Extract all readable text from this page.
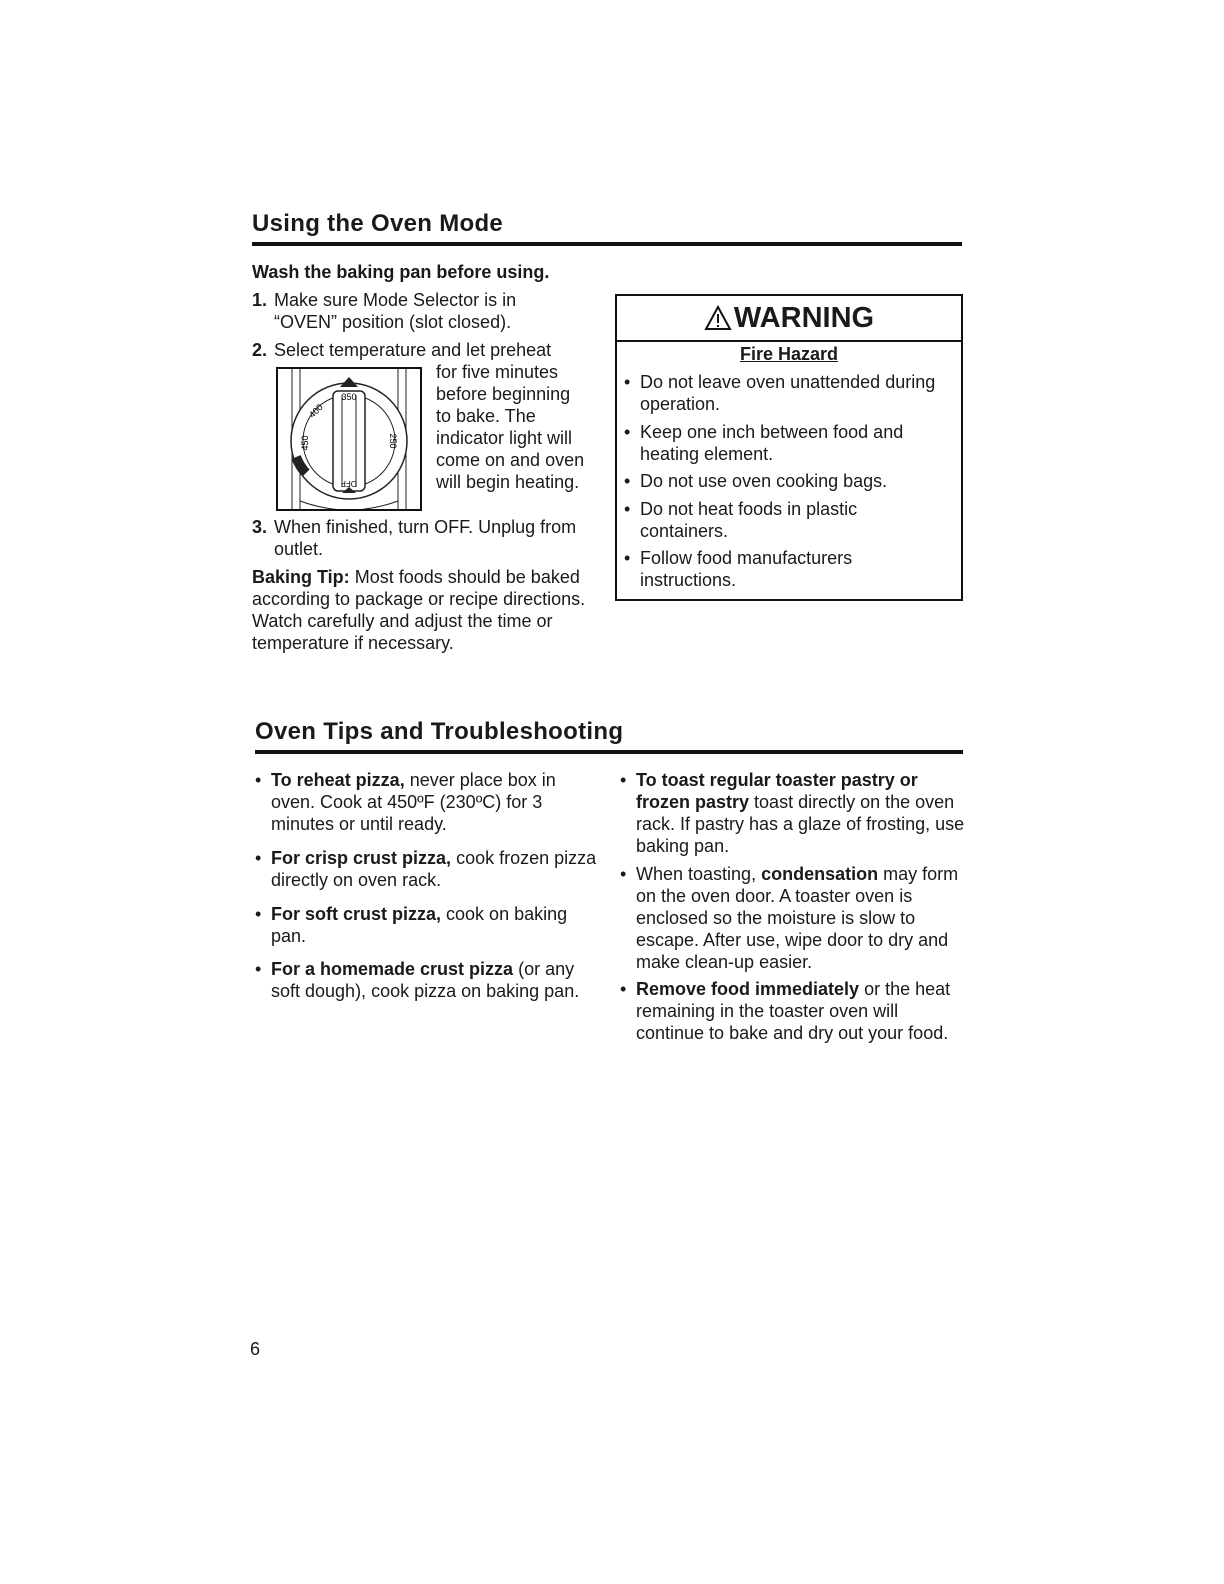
Using the Oven Mode
Wash the baking pan before using.
1. Make sure Mode Selector is in “OVEN” position (slot closed).
2. Select temperature and let preheat
350
400
450	250
OFF
for five minutes before beginning to bake. The indicator light will come on and oven will begin heating.
3. When finished, turn OFF. Unplug from outlet.
Baking Tip: Most foods should be baked according to package or recipe directions. Watch carefully and adjust the time or temperature if necessary.
WARNING
Fire Hazard
• Do not leave oven unattended during operation.
• Keep one inch between food and heating element.
• Do not use oven cooking bags.
• Do not heat foods in plastic containers.
• Follow food manufacturers instructions.
Oven Tips and Troubleshooting
• To reheat pizza, never place box in oven. Cook at 450ºF (230ºC) for 3 minutes or until ready.
• For crisp crust pizza, cook frozen pizza directly on oven rack.
• For soft crust pizza, cook on baking pan.
• For a homemade crust pizza (or any soft dough), cook pizza on baking pan.
• To toast regular toaster pastry or frozen pastry toast directly on the oven rack. If pastry has a glaze of frosting, use baking pan.
• When toasting, condensation may form on the oven door. A toaster oven is enclosed so the moisture is slow to escape. After use, wipe door to dry and make clean-up easier.
• Remove food immediately or the heat remaining in the toaster oven will continue to bake and dry out your food.
6
